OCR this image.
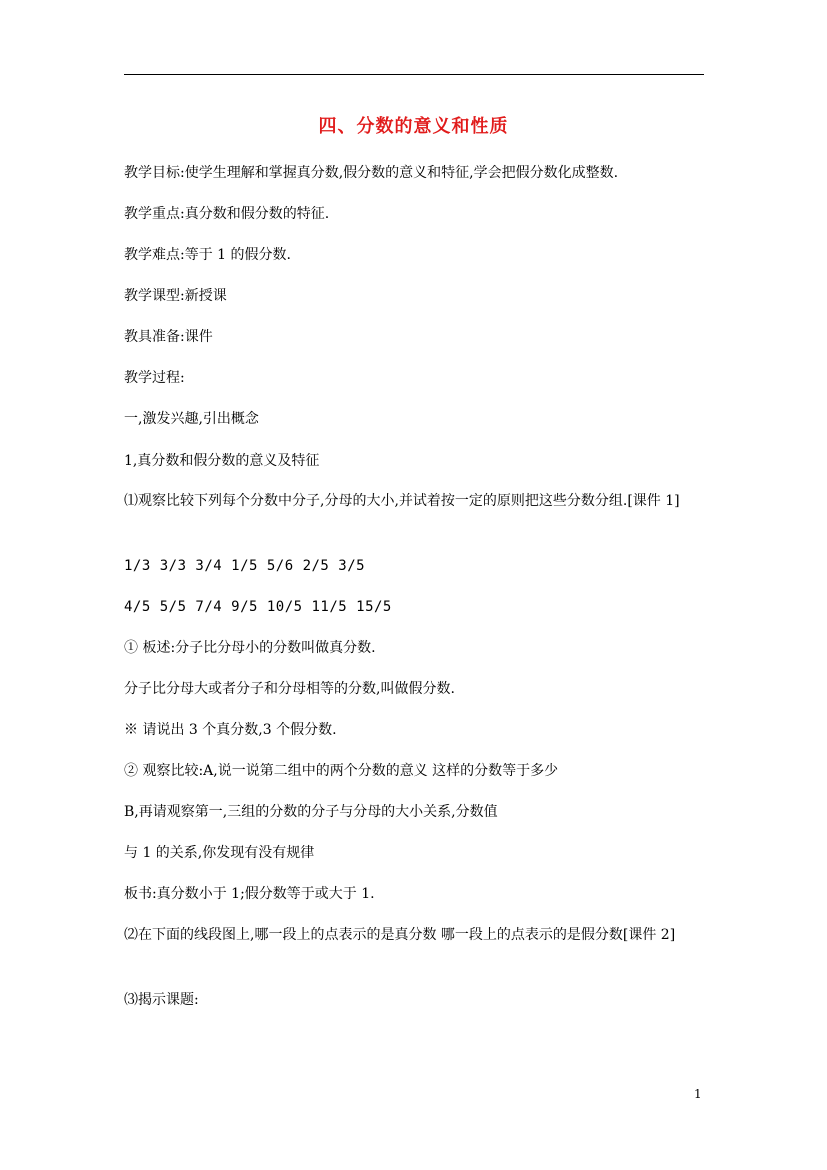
四、分数的意义和性质
教学目标:使学生理解和掌握真分数,假分数的意义和特征,学会把假分数化成整数.
教学重点:真分数和假分数的特征.
教学难点:等于 1 的假分数.
教学课型:新授课
教具准备:课件
教学过程:
一,激发兴趣,引出概念
1,真分数和假分数的意义及特征
⑴观察比较下列每个分数中分子,分母的大小,并试着按一定的原则把这些分数分组.[课件 1]
1/3 3/3 3/4 1/5 5/6 2/5 3/5
4/5 5/5 7/4 9/5 10/5 11/5 15/5
① 板述:分子比分母小的分数叫做真分数.
分子比分母大或者分子和分母相等的分数,叫做假分数.
※ 请说出 3 个真分数,3 个假分数.
② 观察比较:A,说一说第二组中的两个分数的意义 这样的分数等于多少
B,再请观察第一,三组的分数的分子与分母的大小关系,分数值
与 1 的关系,你发现有没有规律
板书:真分数小于 1;假分数等于或大于 1.
⑵在下面的线段图上,哪一段上的点表示的是真分数 哪一段上的点表示的是假分数[课件 2]
⑶揭示课题:
1
